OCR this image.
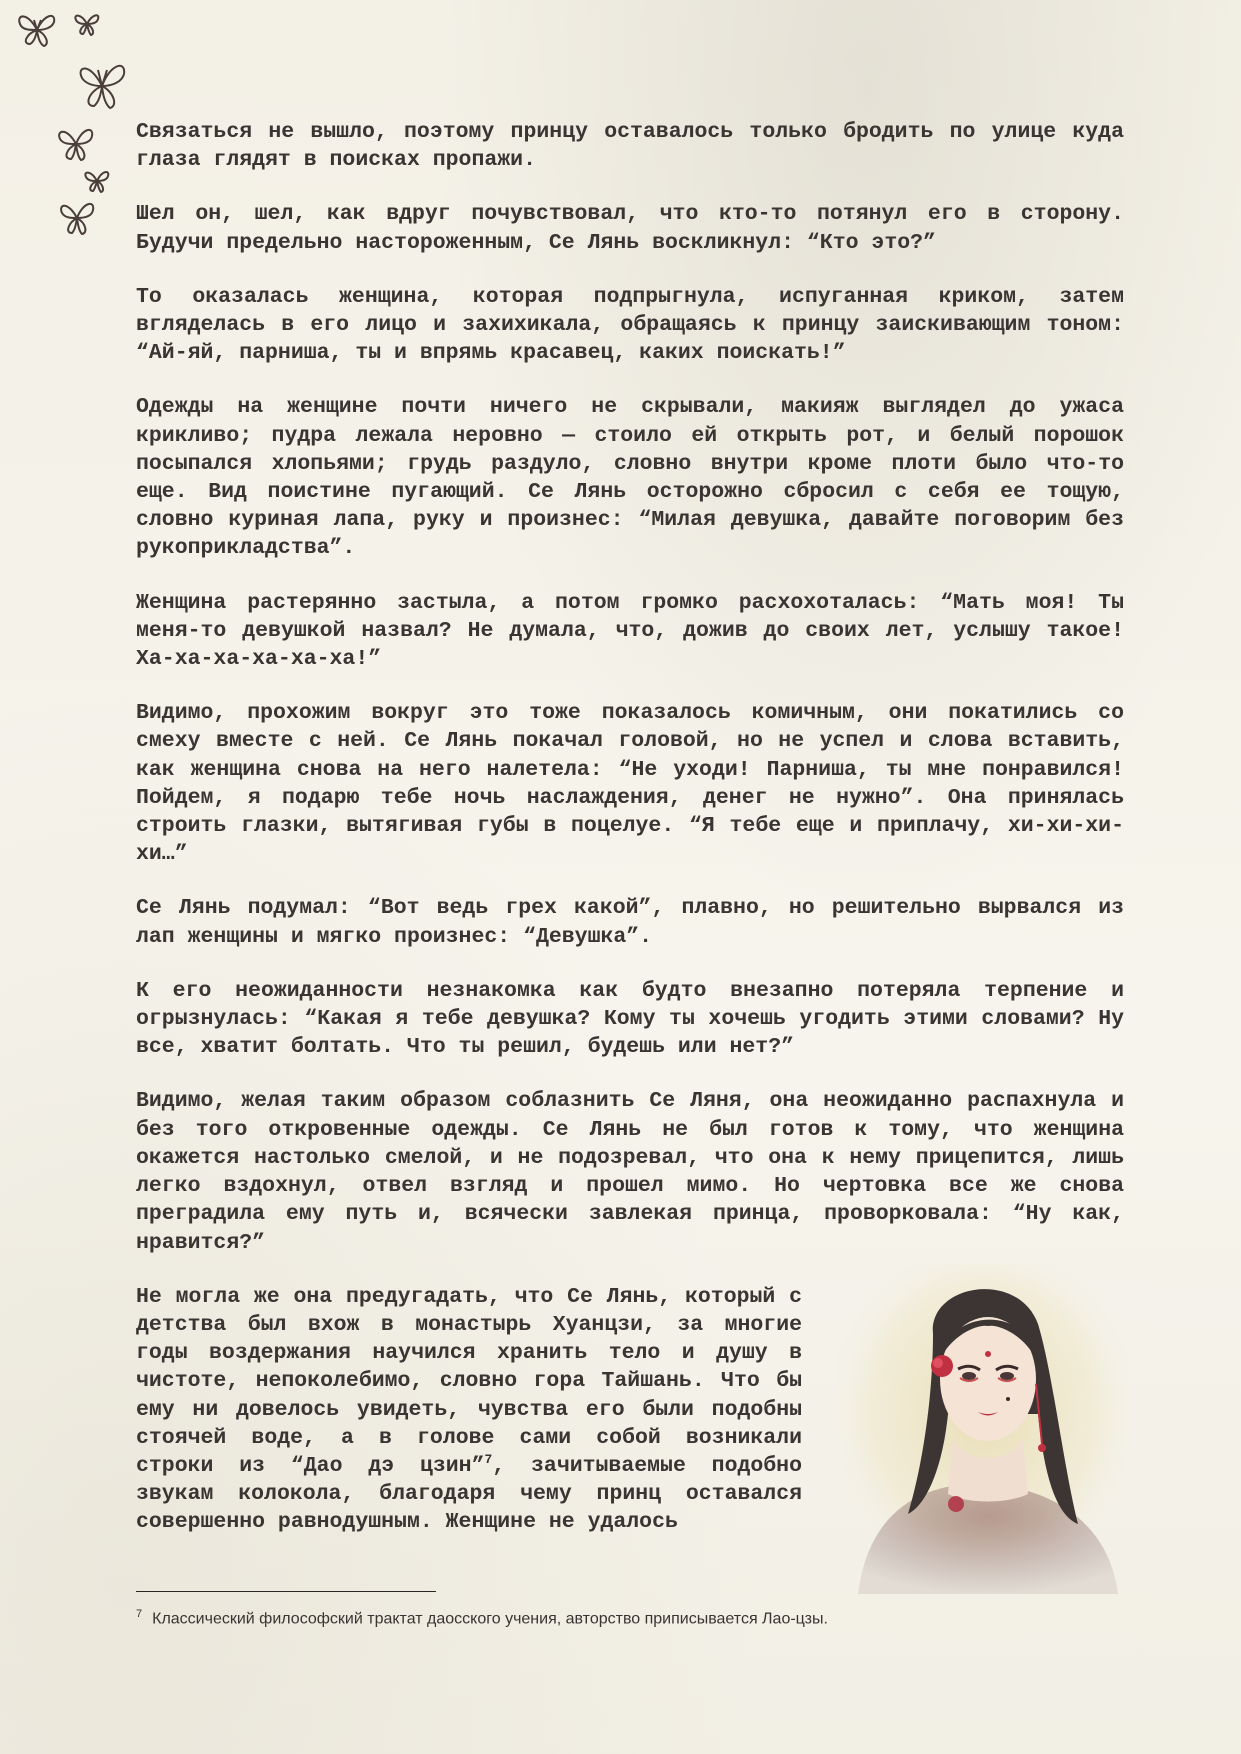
Связаться не вышло, поэтому принцу оставалось только бродить по улице куда глаза глядят в поисках пропажи.

Шел он, шел, как вдруг почувствовал, что кто-то потянул его в сторону. Будучи предельно настороженным, Се Лянь воскликнул: “Кто это?”

То оказалась женщина, которая подпрыгнула, испуганная криком, затем вгляделась в его лицо и захихикала, обращаясь к принцу заискивающим тоном: “Ай-яй, парниша, ты и впрямь красавец, каких поискать!”

Одежды на женщине почти ничего не скрывали, макияж выглядел до ужаса крикливо; пудра лежала неровно — стоило ей открыть рот, и белый порошок посыпался хлопьями; грудь раздуло, словно внутри кроме плоти было что-то еще. Вид поистине пугающий. Се Лянь осторожно сбросил с себя ее тощую, словно куриная лапа, руку и произнес: “Милая девушка, давайте поговорим без рукоприкладства”.

Женщина растерянно застыла, а потом громко расхохоталась: “Мать моя! Ты меня-то девушкой назвал? Не думала, что, дожив до своих лет, услышу такое! Ха-ха-ха-ха-ха-ха!”

Видимо, прохожим вокруг это тоже показалось комичным, они покатились со смеху вместе с ней. Се Лянь покачал головой, но не успел и слова вставить, как женщина снова на него налетела: “Не уходи! Парниша, ты мне понравился! Пойдем, я подарю тебе ночь наслаждения, денег не нужно”. Она принялась строить глазки, вытягивая губы в поцелуе. “Я тебе еще и приплачу, хи-хи-хи-хи…”

Се Лянь подумал: “Вот ведь грех какой”, плавно, но решительно вырвался из лап женщины и мягко произнес: “Девушка”.

К его неожиданности незнакомка как будто внезапно потеряла терпение и огрызнулась: “Какая я тебе девушка? Кому ты хочешь угодить этими словами? Ну все, хватит болтать. Что ты решил, будешь или нет?”

Видимо, желая таким образом соблазнить Се Ляня, она неожиданно распахнула и без того откровенные одежды. Се Лянь не был готов к тому, что женщина окажется настолько смелой, и не подозревал, что она к нему прицепится, лишь легко вздохнул, отвел взгляд и прошел мимо. Но чертовка все же снова преградила ему путь и, всячески завлекая принца, проворковала: “Ну как, нравится?”

Не могла же она предугадать, что Се Лянь, который с детства был вхож в монастырь Хуанцзи, за многие годы воздержания научился хранить тело и душу в чистоте, непоколебимо, словно гора Тайшань. Что бы ему ни довелось увидеть, чувства его были подобны стоячей воде, а в голове сами собой возникали строки из “Дао дэ цзин”$^7$, зачитываемые подобно звукам колокола, благодаря чему принц оставался совершенно равнодушным. Женщине не удалось

$^7$ Классический философский трактат даосского учения, авторство приписывается Лао-цзы.
